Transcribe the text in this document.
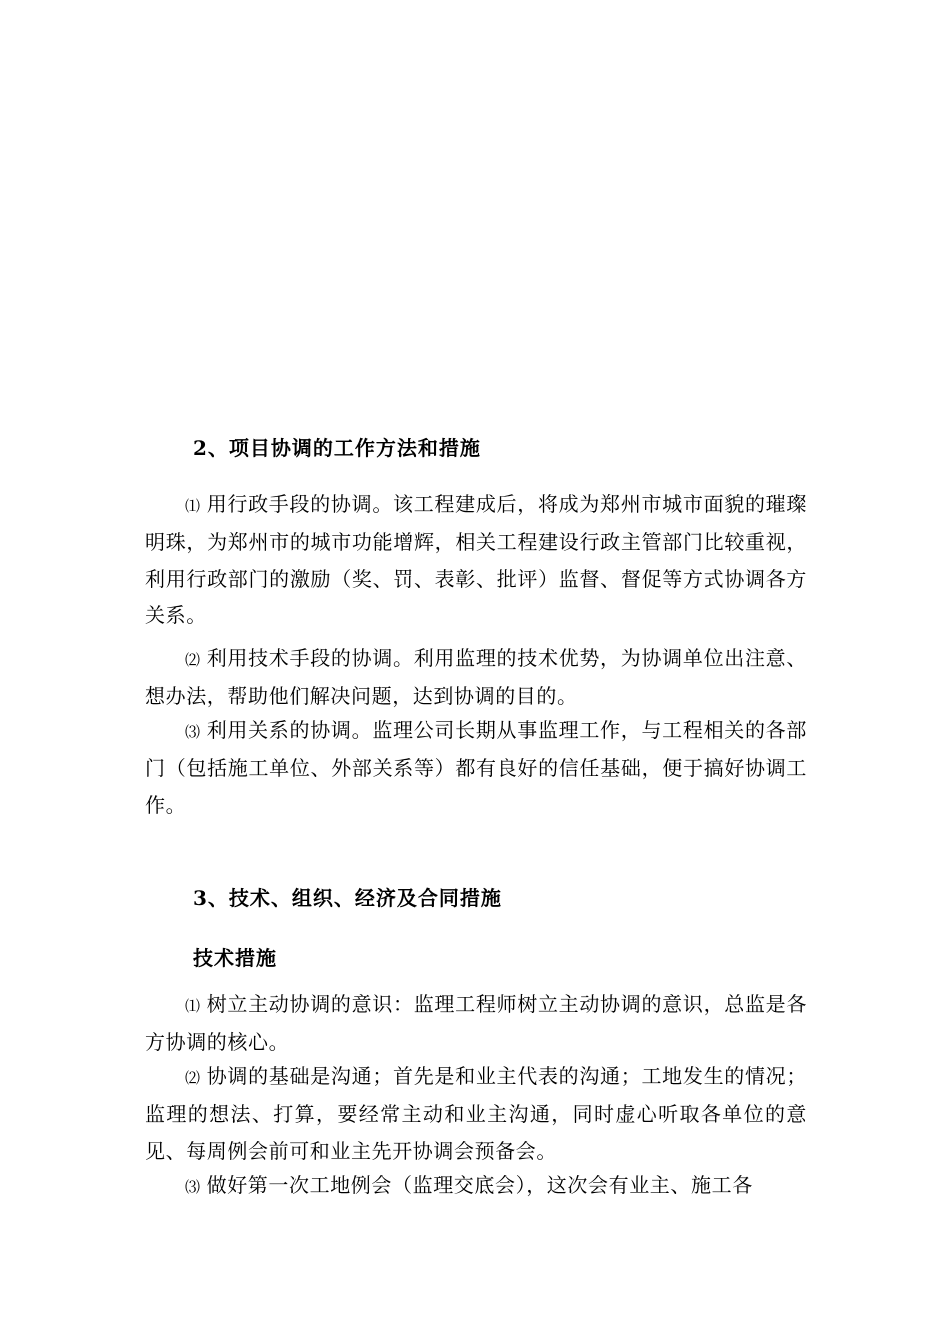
2、项目协调的工作方法和措施
⑴ 用行政手段的协调。该工程建成后，将成为郑州市城市面貌的璀璨明珠，为郑州市的城市功能增辉，相关工程建设行政主管部门比较重视，利用行政部门的激励（奖、罚、表彰、批评）监督、督促等方式协调各方关系。
⑵ 利用技术手段的协调。利用监理的技术优势，为协调单位出注意、想办法，帮助他们解决问题，达到协调的目的。
⑶ 利用关系的协调。监理公司长期从事监理工作，与工程相关的各部门（包括施工单位、外部关系等）都有良好的信任基础，便于搞好协调工作。
3、技术、组织、经济及合同措施
技术措施
⑴ 树立主动协调的意识：监理工程师树立主动协调的意识，总监是各方协调的核心。
⑵ 协调的基础是沟通；首先是和业主代表的沟通；工地发生的情况；监理的想法、打算，要经常主动和业主沟通，同时虚心听取各单位的意见、每周例会前可和业主先开协调会预备会。
⑶ 做好第一次工地例会（监理交底会），这次会有业主、施工各
